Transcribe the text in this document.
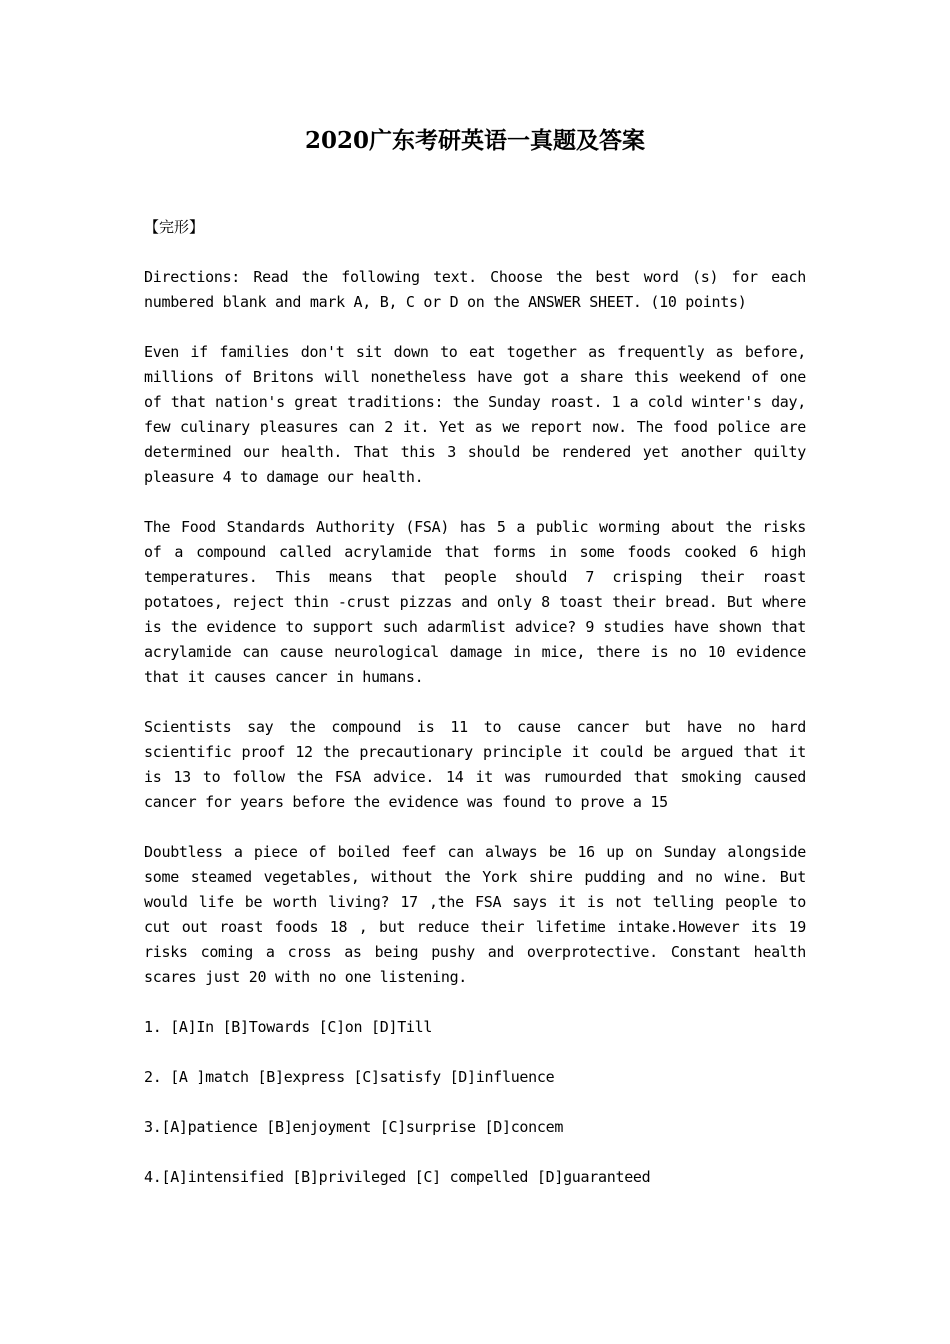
2020广东考研英语一真题及答案

【完形】

Directions: Read the following text. Choose the best word (s) for each numbered blank and mark A, B, C or D on the ANSWER SHEET. (10 points)

Even if families don't sit down to eat together as frequently as before, millions of Britons will nonetheless have got a share this weekend of one of that nation's great traditions: the Sunday roast. 1 a cold winter's day, few culinary pleasures can 2 it. Yet as we report now. The food police are determined our health. That this 3 should be rendered yet another quilty pleasure 4 to damage our health.

The Food Standards Authority (FSA) has 5 a public worming about the risks of a compound called acrylamide that forms in some foods cooked 6 high temperatures. This means that people should 7 crisping their roast potatoes, reject thin -crust pizzas and only 8 toast their bread. But where is the evidence to support such adarmlist advice? 9 studies have shown that acrylamide can cause neurological damage in mice, there is no 10 evidence that it causes cancer in humans.

Scientists say the compound is 11 to cause cancer but have no hard scientific proof 12 the precautionary principle it could be argued that it is 13 to follow the FSA advice. 14 it was rumourded that smoking caused cancer for years before the evidence was found to prove a 15

Doubtless a piece of boiled feef can always be 16 up on Sunday alongside some steamed vegetables, without the York shire pudding and no wine. But would life be worth living? 17 ,the FSA says it is not telling people to cut out roast foods 18 , but reduce their lifetime intake.However its 19 risks coming a cross as being pushy and overprotective. Constant health scares just 20 with no one listening.

1. [A]In [B]Towards [C]on [D]Till

2. [A ]match [B]express [C]satisfy [D]influence

3.[A]patience [B]enjoyment [C]surprise [D]concem

4.[A]intensified [B]privileged [C] compelled [D]guaranteed
